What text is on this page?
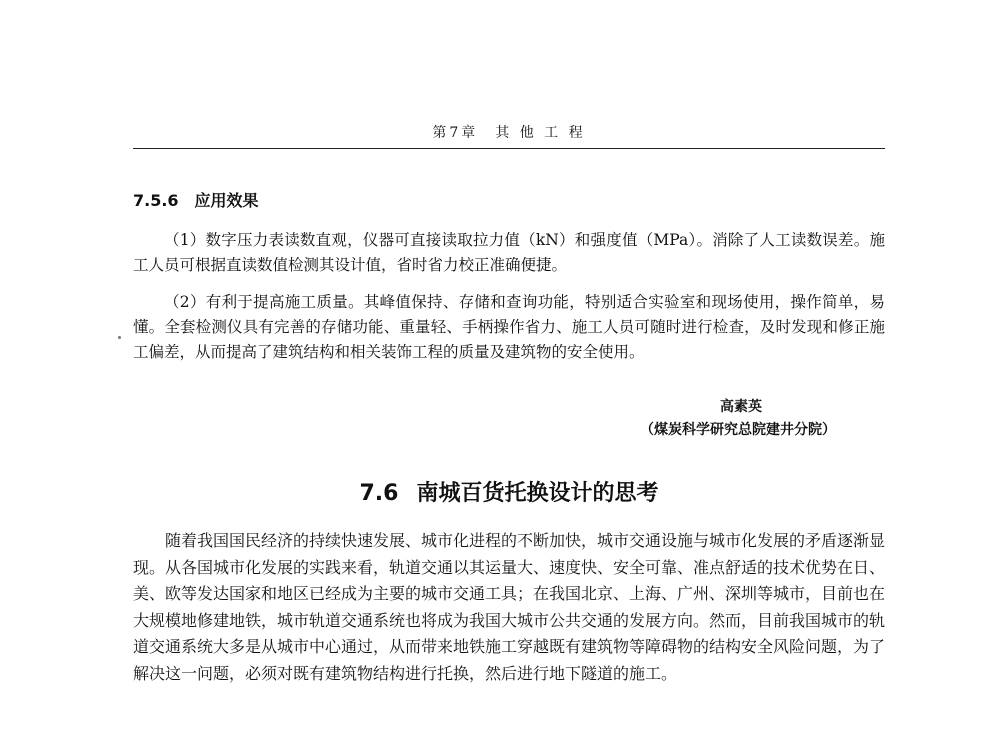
第7章　其 他 工 程
7.5.6　应用效果

（1）数字压力表读数直观，仪器可直接读取拉力值（kN）和强度值（MPa）。消除了人工读数误差。施工人员可根据直读数值检测其设计值，省时省力校正准确便捷。

（2）有利于提高施工质量。其峰值保持、存储和查询功能，特别适合实验室和现场使用，操作简单，易懂。全套检测仪具有完善的存储功能、重量轻、手柄操作省力、施工人员可随时进行检查，及时发现和修正施工偏差，从而提高了建筑结构和相关装饰工程的质量及建筑物的安全使用。

高素英
（煤炭科学研究总院建井分院）
7.6 南城百货托换设计的思考

随着我国国民经济的持续快速发展、城市化进程的不断加快，城市交通设施与城市化发展的矛盾逐渐显现。从各国城市化发展的实践来看，轨道交通以其运量大、速度快、安全可靠、准点舒适的技术优势在日、美、欧等发达国家和地区已经成为主要的城市交通工具；在我国北京、上海、广州、深圳等城市，目前也在大规模地修建地铁，城市轨道交通系统也将成为我国大城市公共交通的发展方向。然而，目前我国城市的轨道交通系统大多是从城市中心通过，从而带来地铁施工穿越既有建筑物等障碍物的结构安全风险问题，为了解决这一问题，必须对既有建筑物结构进行托换，然后进行地下隧道的施工。
